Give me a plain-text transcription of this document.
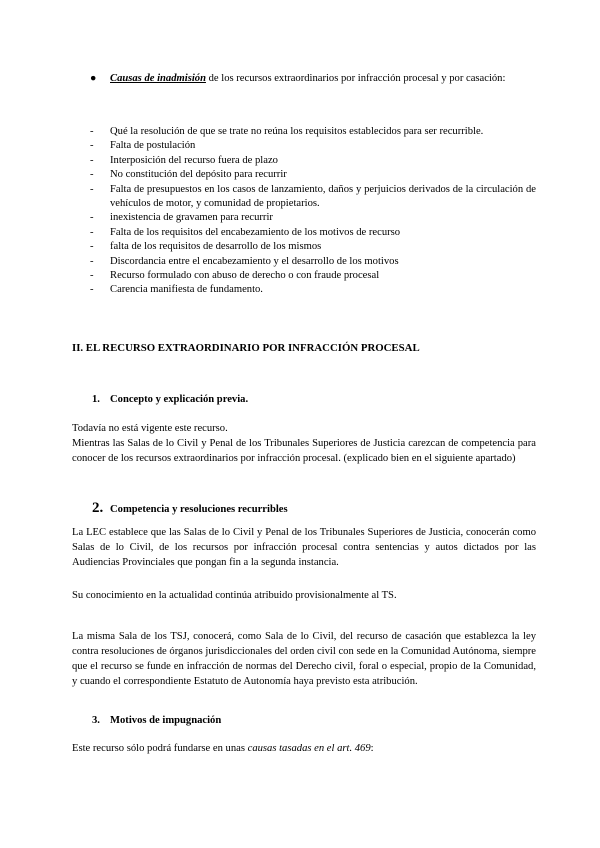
● Causas de inadmisión de los recursos extraordinarios por infracción procesal y por casación:
- Qué la resolución de que se trate no reúna los requisitos establecidos para ser recurrible.
- Falta de postulación
- Interposición del recurso fuera de plazo
- No constitución del depósito para recurrir
- Falta de presupuestos en los casos de lanzamiento, daños y perjuicios derivados de la circulación de vehículos de motor, y comunidad de propietarios.
- inexistencia de gravamen para recurrir
- Falta de los requisitos del encabezamiento de los motivos de recurso
- falta de los requisitos de desarrollo de los mismos
- Discordancia entre el encabezamiento y el desarrollo de los motivos
- Recurso formulado con abuso de derecho o con fraude procesal
- Carencia manifiesta de fundamento.
II. EL RECURSO EXTRAORDINARIO POR INFRACCIÓN PROCESAL
1. Concepto y explicación previa.

Todavía no está vigente este recurso.

Mientras las Salas de lo Civil y Penal de los Tribunales Superiores de Justicia carezcan de competencia para conocer de los recursos extraordinarios por infracción procesal. (explicado bien en el siguiente apartado)

2. Competencia y resoluciones recurribles

La LEC establece que las Salas de lo Civil y Penal de los Tribunales Superiores de Justicia, conocerán como Salas de lo Civil, de los recursos por infracción procesal contra sentencias y autos dictados por las Audiencias Provinciales que pongan fin a la segunda instancia.

Su conocimiento en la actualidad continúa atribuido provisionalmente al TS.

La misma Sala de los TSJ, conocerá, como Sala de lo Civil, del recurso de casación que establezca la ley contra resoluciones de órganos jurisdiccionales del orden civil con sede en la Comunidad Autónoma, siempre que el recurso se funde en infracción de normas del Derecho civil, foral o especial, propio de la Comunidad, y cuando el correspondiente Estatuto de Autonomía haya previsto esta atribución.

3. Motivos de impugnación

Este recurso sólo podrá fundarse en unas causas tasadas en el art. 469:
